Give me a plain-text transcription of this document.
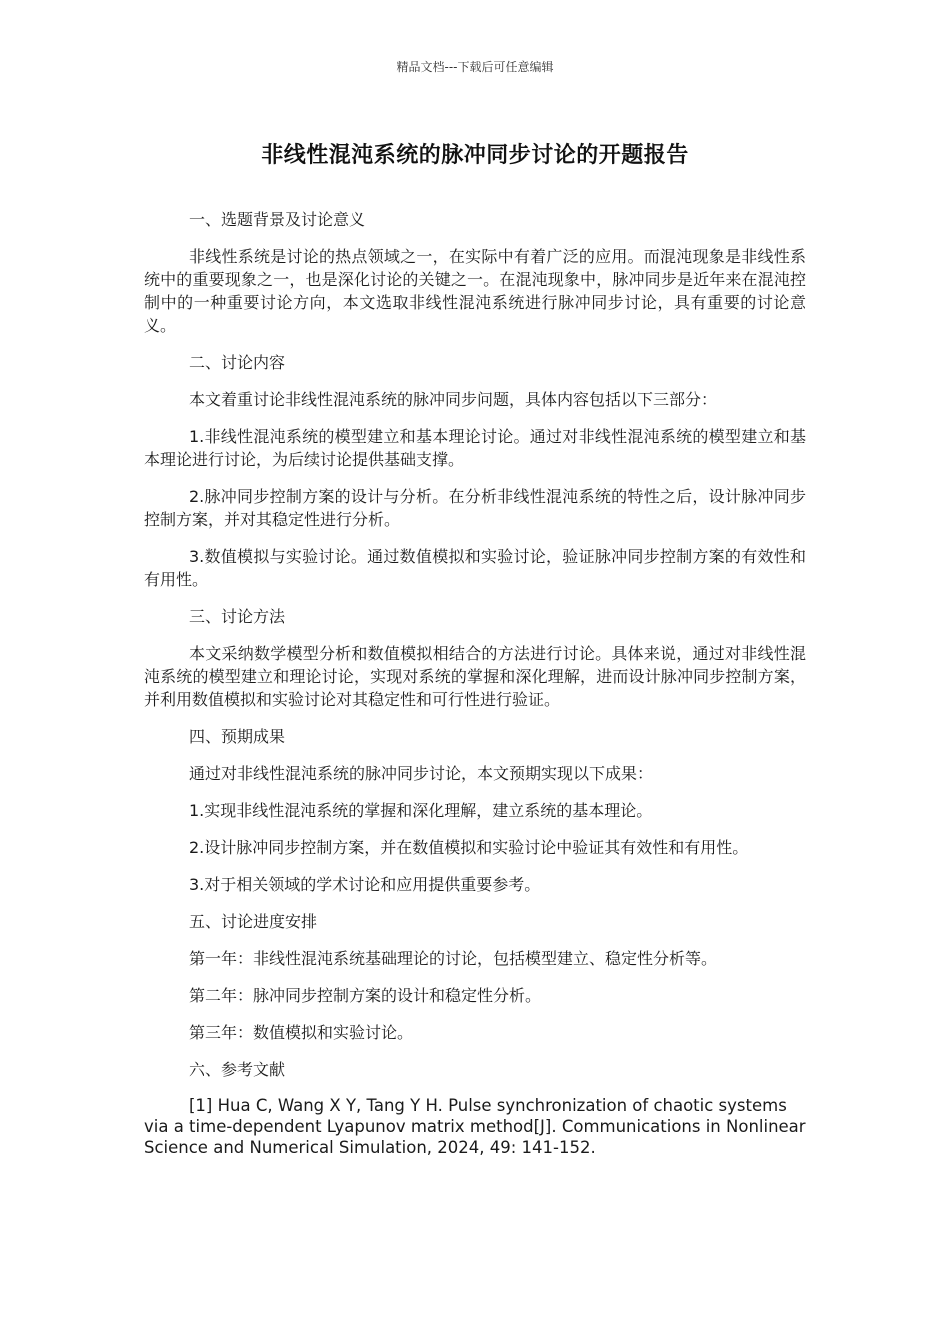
精品文档---下载后可任意编辑
非线性混沌系统的脉冲同步讨论的开题报告

一、选题背景及讨论意义

非线性系统是讨论的热点领域之一，在实际中有着广泛的应用。而混沌现象是非线性系统中的重要现象之一，也是深化讨论的关键之一。在混沌现象中，脉冲同步是近年来在混沌控制中的一种重要讨论方向，本文选取非线性混沌系统进行脉冲同步讨论，具有重要的讨论意义。

二、讨论内容

本文着重讨论非线性混沌系统的脉冲同步问题，具体内容包括以下三部分：

1.非线性混沌系统的模型建立和基本理论讨论。通过对非线性混沌系统的模型建立和基本理论进行讨论，为后续讨论提供基础支撑。

2.脉冲同步控制方案的设计与分析。在分析非线性混沌系统的特性之后，设计脉冲同步控制方案，并对其稳定性进行分析。

3.数值模拟与实验讨论。通过数值模拟和实验讨论，验证脉冲同步控制方案的有效性和有用性。

三、讨论方法

本文采纳数学模型分析和数值模拟相结合的方法进行讨论。具体来说，通过对非线性混沌系统的模型建立和理论讨论，实现对系统的掌握和深化理解，进而设计脉冲同步控制方案，并利用数值模拟和实验讨论对其稳定性和可行性进行验证。

四、预期成果

通过对非线性混沌系统的脉冲同步讨论，本文预期实现以下成果：

1.实现非线性混沌系统的掌握和深化理解，建立系统的基本理论。

2.设计脉冲同步控制方案，并在数值模拟和实验讨论中验证其有效性和有用性。

3.对于相关领域的学术讨论和应用提供重要参考。

五、讨论进度安排

第一年：非线性混沌系统基础理论的讨论，包括模型建立、稳定性分析等。

第二年：脉冲同步控制方案的设计和稳定性分析。

第三年：数值模拟和实验讨论。

六、参考文献

[1] Hua C, Wang X Y, Tang Y H. Pulse synchronization of chaotic systems via a time-dependent Lyapunov matrix method[J]. Communications in Nonlinear Science and Numerical Simulation, 2024, 49: 141-152.
